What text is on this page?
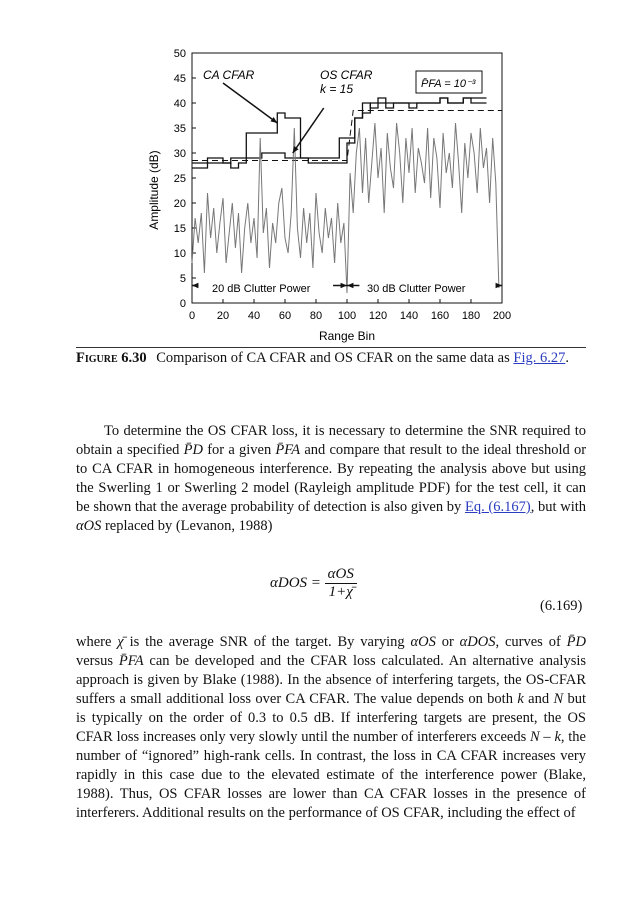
0
5
10
15
20
25
30
35
40
45
50
0 20 40 60 80 100 120 140 160 180 200
Amplitude (dB)
Range Bin
CA CFAR	OS CFAR
k = 15	P̄FA = 10⁻³
20 dB Clutter Power	30 dB Clutter Power
Figure 6.30 Comparison of CA CFAR and OS CFAR on the same data as Fig. 6.27.
To determine the OS CFAR loss, it is necessary to determine the SNR required to obtain a specified P̄D for a given P̄FA and compare that result to the ideal threshold or to CA CFAR in homogeneous interference. By repeating the analysis above but using the Swerling 1 or Swerling 2 model (Rayleigh amplitude PDF) for the test cell, it can be shown that the average probability of detection is also given by Eq. (6.167), but with αOS replaced by (Levanon, 1988)
$\alpha DOS = \frac{\text{αOS}}{1+\chī}$
(6.169)
where χ̄ is the average SNR of the target. By varying αOS or αDOS, curves of P̄D versus P̄FA can be developed and the CFAR loss calculated. An alternative analysis approach is given by Blake (1988). In the absence of interfering targets, the OS-CFAR suffers a small additional loss over CA CFAR. The value depends on both k and N but is typically on the order of 0.3 to 0.5 dB. If interfering targets are present, the OS CFAR loss increases only very slowly until the number of interferers exceeds N – k, the number of “ignored” high-rank cells. In contrast, the loss in CA CFAR increases very rapidly in this case due to the elevated estimate of the interference power (Blake, 1988). Thus, OS CFAR losses are lower than CA CFAR losses in the presence of interferers. Additional results on the performance of OS CFAR, including the effect of
